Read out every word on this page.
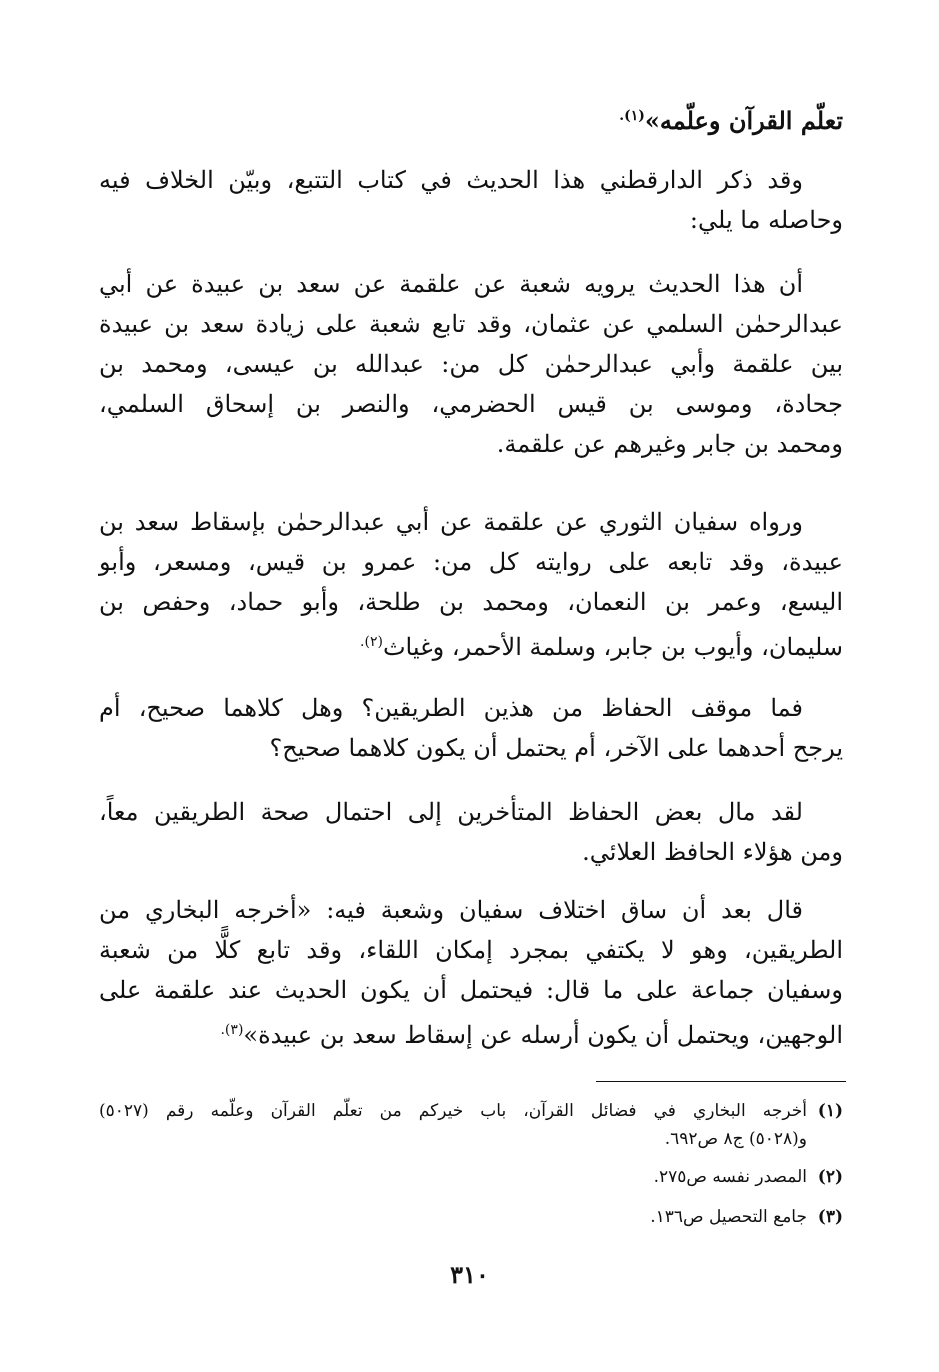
تعلّم القرآن وعلّمه»$^{(١).}$
وقد ذكر الدارقطني هذا الحديث في كتاب التتبع، وبيّن الخلاف فيه
وحاصله ما يلي:
أن هذا الحديث يرويه شعبة عن علقمة عن سعد بن عبيدة عن أبي
عبدالرحمٰن السلمي عن عثمان، وقد تابع شعبة على زيادة سعد بن عبيدة
بين علقمة وأبي عبدالرحمٰن كل من: عبدالله بن عيسى، ومحمد بن
جحادة، وموسى بن قيس الحضرمي، والنصر بن إسحاق السلمي،
ومحمد بن جابر وغيرهم عن علقمة.
ورواه سفيان الثوري عن علقمة عن أبي عبدالرحمٰن بإسقاط سعد بن
عبيدة، وقد تابعه على روايته كل من: عمرو بن قيس، ومسعر، وأبو
اليسع، وعمر بن النعمان، ومحمد بن طلحة، وأبو حماد، وحفص بن
سليمان، وأيوب بن جابر، وسلمة الأحمر، وغياث$^{(٢).}$
فما موقف الحفاظ من هذين الطريقين؟ وهل كلاهما صحيح، أم
يرجح أحدهما على الآخر، أم يحتمل أن يكون كلاهما صحيح؟
لقد مال بعض الحفاظ المتأخرين إلى احتمال صحة الطريقين معاً،
ومن هؤلاء الحافظ العلائي.
قال بعد أن ساق اختلاف سفيان وشعبة فيه: «أخرجه البخاري من
الطريقين، وهو لا يكتفي بمجرد إمكان اللقاء، وقد تابع كلًّا من شعبة
وسفيان جماعة على ما قال: فيحتمل أن يكون الحديث عند علقمة على
الوجهين، ويحتمل أن يكون أرسله عن إسقاط سعد بن عبيدة»$^{(٣).}$
(١)أخرجه البخاري في فضائل القرآن، باب خيركم من تعلّم القرآن وعلّمه رقم (٥٠٢٧)
و(٥٠٢٨) ج٨ ص٦٩٢.
(٢)المصدر نفسه ص٢٧٥.
(٣)جامع التحصيل ص١٣٦.
٣١٠
